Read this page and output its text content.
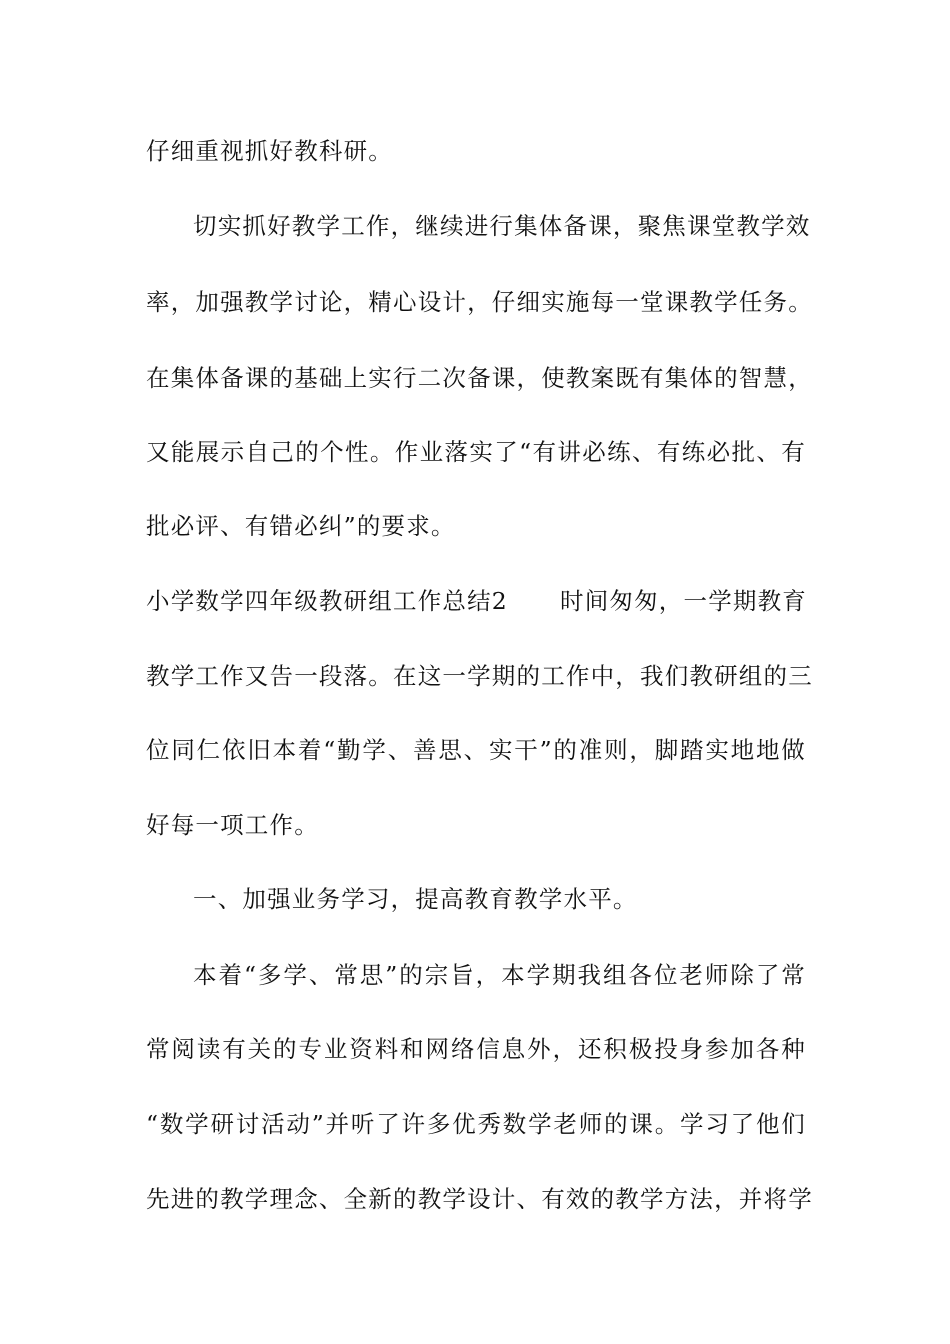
仔细重视抓好教科研。
切实抓好教学工作，继续进行集体备课，聚焦课堂教学效
率，加强教学讨论，精心设计，仔细实施每一堂课教学任务。
在集体备课的基础上实行二次备课，使教案既有集体的智慧，
又能展示自己的个性。作业落实了“有讲必练、有练必批、有
批必评、有错必纠”的要求。
小学数学四年级教研组工作总结2 时间匆匆，一学期教育
教学工作又告一段落。在这一学期的工作中，我们教研组的三
位同仁依旧本着“勤学、善思、实干”的准则，脚踏实地地做
好每一项工作。
一、加强业务学习，提高教育教学水平。
本着“多学、常思”的宗旨，本学期我组各位老师除了常
常阅读有关的专业资料和网络信息外，还积极投身参加各种
“数学研讨活动”并听了许多优秀数学老师的课。学习了他们
先进的教学理念、全新的教学设计、有效的教学方法，并将学
